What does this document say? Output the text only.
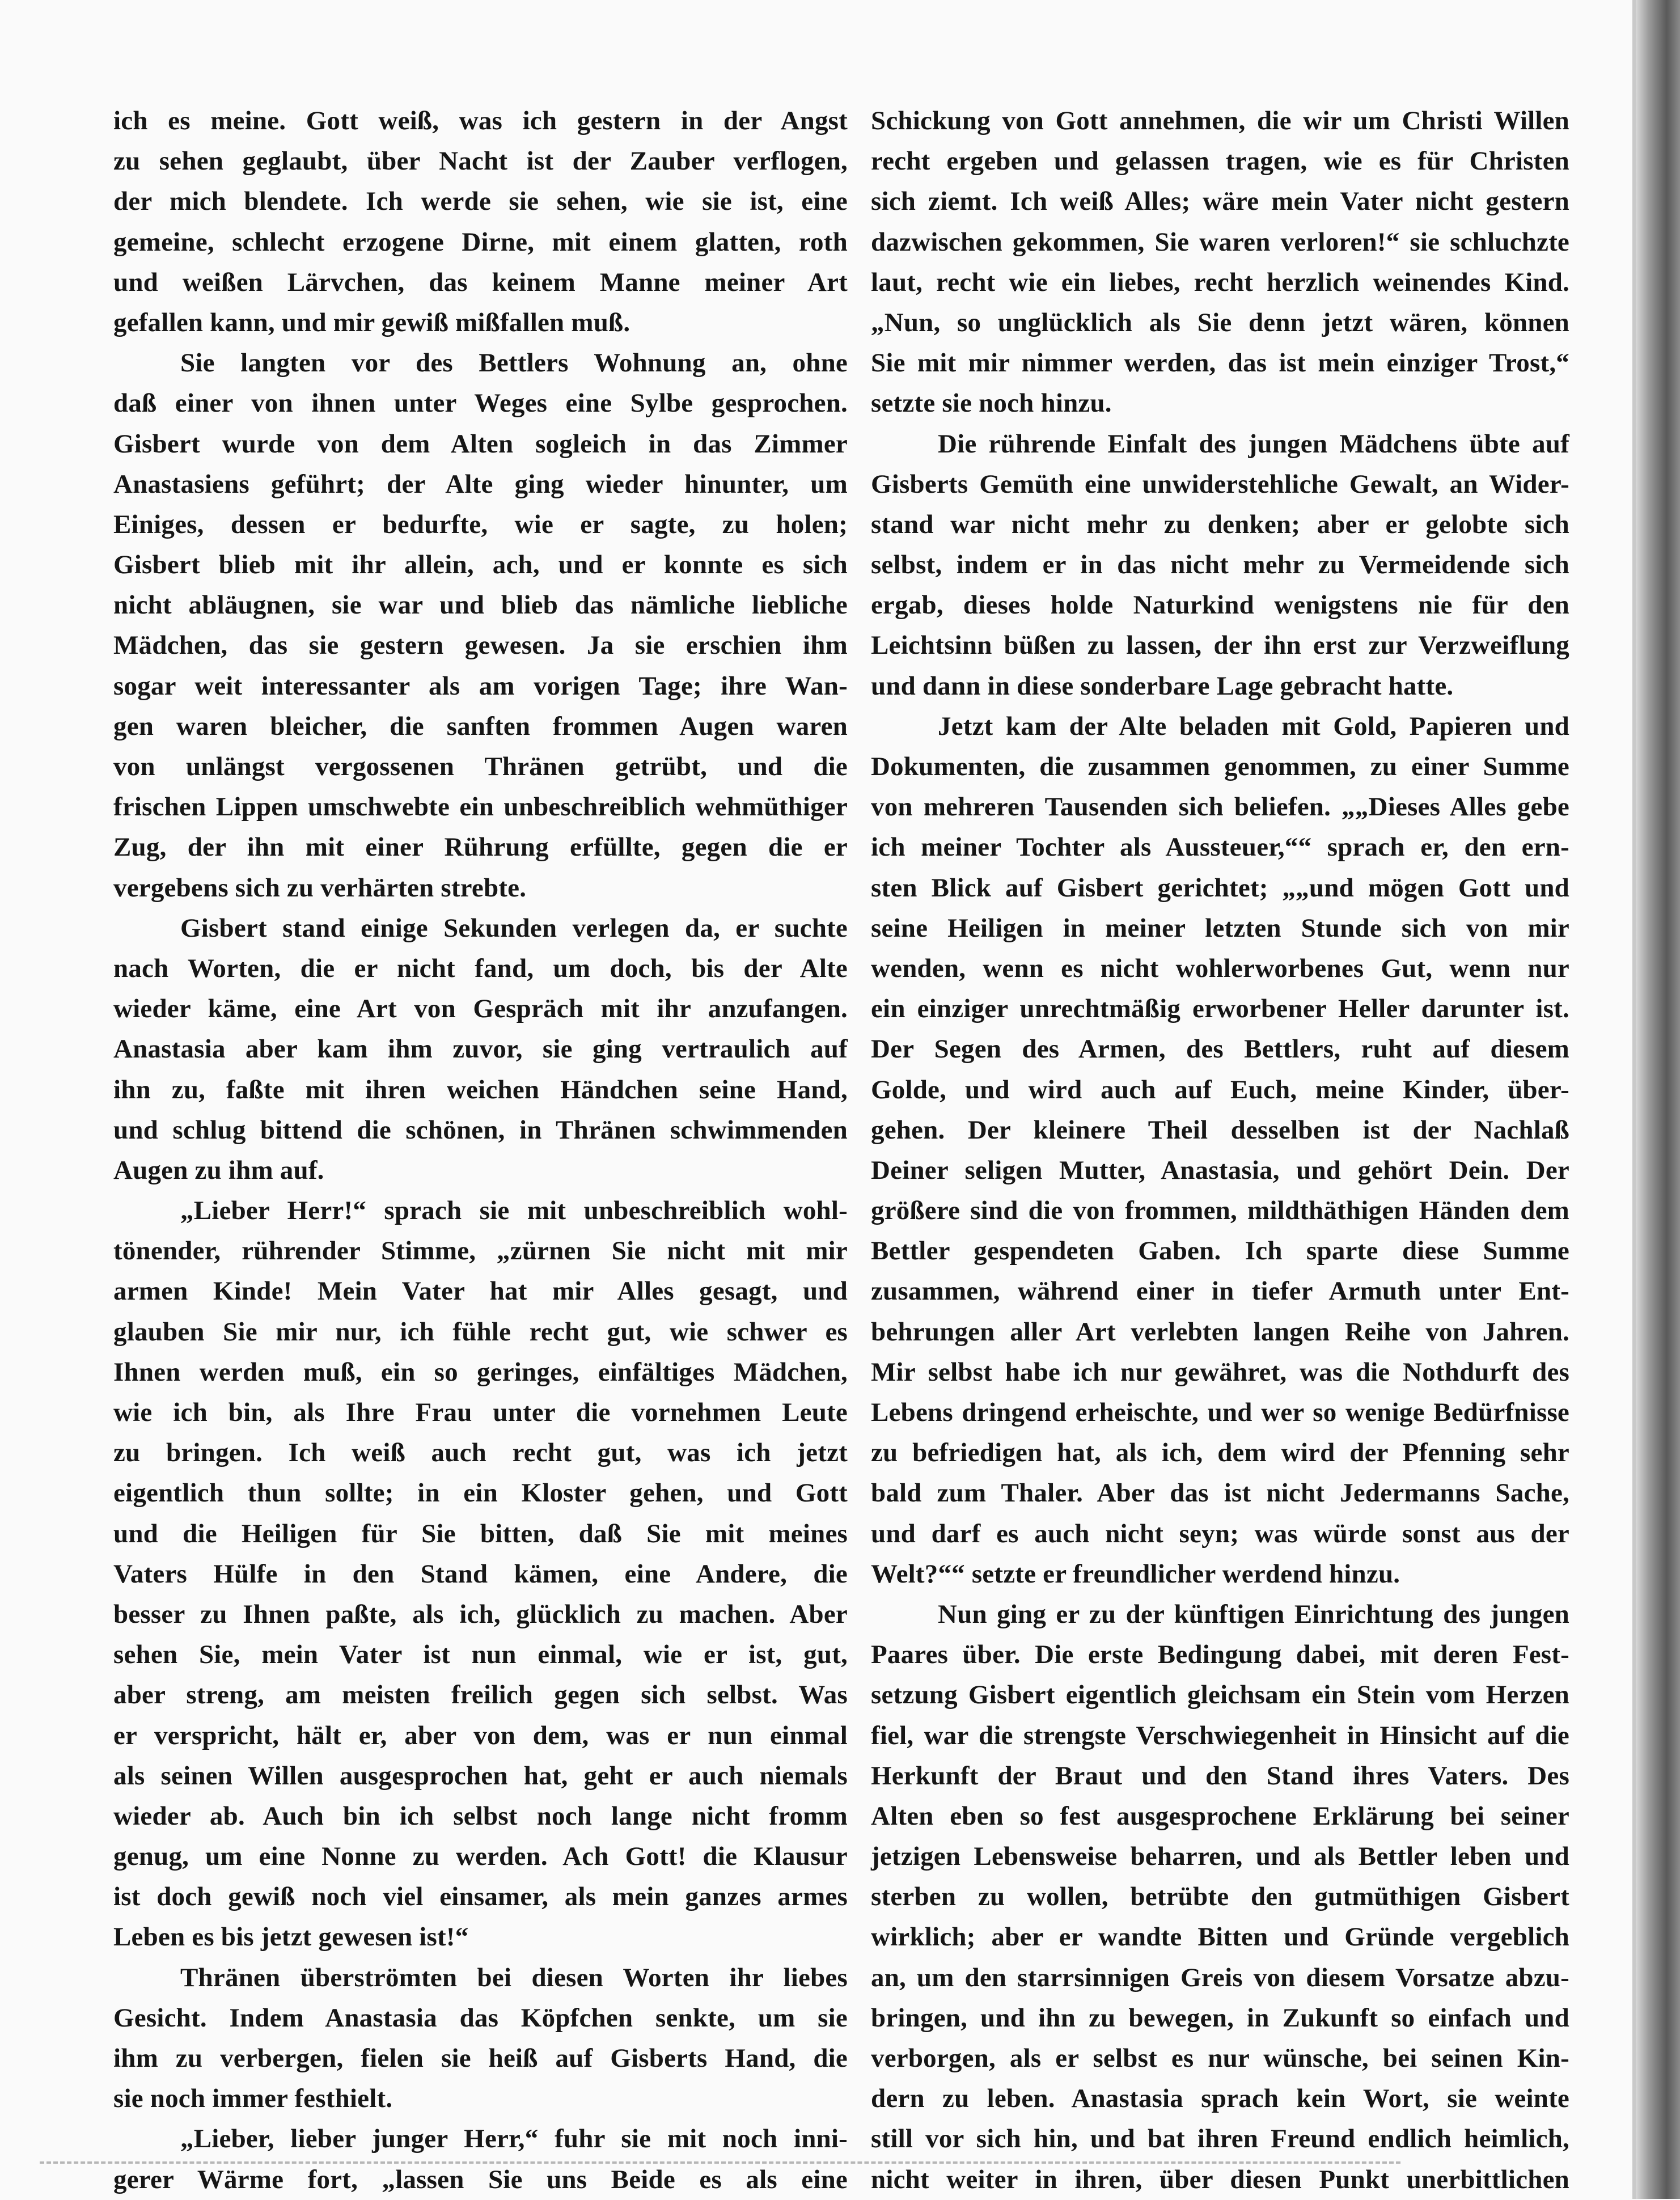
ich es meine. Gott weiß, was ich gestern in der Angst
zu sehen geglaubt, über Nacht ist der Zauber verflogen,
der mich blendete. Ich werde sie sehen, wie sie ist, eine
gemeine, schlecht erzogene Dirne, mit einem glatten, roth
und weißen Lärvchen, das keinem Manne meiner Art
gefallen kann, und mir gewiß mißfallen muß.
Sie langten vor des Bettlers Wohnung an, ohne
daß einer von ihnen unter Weges eine Sylbe gesprochen.
Gisbert wurde von dem Alten sogleich in das Zimmer
Anastasiens geführt; der Alte ging wieder hinunter, um
Einiges, dessen er bedurfte, wie er sagte, zu holen;
Gisbert blieb mit ihr allein, ach, und er konnte es sich
nicht abläugnen, sie war und blieb das nämliche liebliche
Mädchen, das sie gestern gewesen. Ja sie erschien ihm
sogar weit interessanter als am vorigen Tage; ihre Wan-
gen waren bleicher, die sanften frommen Augen waren
von unlängst vergossenen Thränen getrübt, und die
frischen Lippen umschwebte ein unbeschreiblich wehmüthiger
Zug, der ihn mit einer Rührung erfüllte, gegen die er
vergebens sich zu verhärten strebte.
Gisbert stand einige Sekunden verlegen da, er suchte
nach Worten, die er nicht fand, um doch, bis der Alte
wieder käme, eine Art von Gespräch mit ihr anzufangen.
Anastasia aber kam ihm zuvor, sie ging vertraulich auf
ihn zu, faßte mit ihren weichen Händchen seine Hand,
und schlug bittend die schönen, in Thränen schwimmenden
Augen zu ihm auf.
„Lieber Herr!“ sprach sie mit unbeschreiblich wohl-
tönender, rührender Stimme, „zürnen Sie nicht mit mir
armen Kinde! Mein Vater hat mir Alles gesagt, und
glauben Sie mir nur, ich fühle recht gut, wie schwer es
Ihnen werden muß, ein so geringes, einfältiges Mädchen,
wie ich bin, als Ihre Frau unter die vornehmen Leute
zu bringen. Ich weiß auch recht gut, was ich jetzt
eigentlich thun sollte; in ein Kloster gehen, und Gott
und die Heiligen für Sie bitten, daß Sie mit meines
Vaters Hülfe in den Stand kämen, eine Andere, die
besser zu Ihnen paßte, als ich, glücklich zu machen. Aber
sehen Sie, mein Vater ist nun einmal, wie er ist, gut,
aber streng, am meisten freilich gegen sich selbst. Was
er verspricht, hält er, aber von dem, was er nun einmal
als seinen Willen ausgesprochen hat, geht er auch niemals
wieder ab. Auch bin ich selbst noch lange nicht fromm
genug, um eine Nonne zu werden. Ach Gott! die Klausur
ist doch gewiß noch viel einsamer, als mein ganzes armes
Leben es bis jetzt gewesen ist!“
Thränen überströmten bei diesen Worten ihr liebes
Gesicht. Indem Anastasia das Köpfchen senkte, um sie
ihm zu verbergen, fielen sie heiß auf Gisberts Hand, die
sie noch immer festhielt.
„Lieber, lieber junger Herr,“ fuhr sie mit noch inni-
gerer Wärme fort, „lassen Sie uns Beide es als eine
Schickung von Gott annehmen, die wir um Christi Willen
recht ergeben und gelassen tragen, wie es für Christen
sich ziemt. Ich weiß Alles; wäre mein Vater nicht gestern
dazwischen gekommen, Sie waren verloren!“ sie schluchzte
laut, recht wie ein liebes, recht herzlich weinendes Kind.
„Nun, so unglücklich als Sie denn jetzt wären, können
Sie mit mir nimmer werden, das ist mein einziger Trost,“
setzte sie noch hinzu.
Die rührende Einfalt des jungen Mädchens übte auf
Gisberts Gemüth eine unwiderstehliche Gewalt, an Wider-
stand war nicht mehr zu denken; aber er gelobte sich
selbst, indem er in das nicht mehr zu Vermeidende sich
ergab, dieses holde Naturkind wenigstens nie für den
Leichtsinn büßen zu lassen, der ihn erst zur Verzweiflung
und dann in diese sonderbare Lage gebracht hatte.
Jetzt kam der Alte beladen mit Gold, Papieren und
Dokumenten, die zusammen genommen, zu einer Summe
von mehreren Tausenden sich beliefen. „„Dieses Alles gebe
ich meiner Tochter als Aussteuer,““ sprach er, den ern-
sten Blick auf Gisbert gerichtet; „„und mögen Gott und
seine Heiligen in meiner letzten Stunde sich von mir
wenden, wenn es nicht wohlerworbenes Gut, wenn nur
ein einziger unrechtmäßig erworbener Heller darunter ist.
Der Segen des Armen, des Bettlers, ruht auf diesem
Golde, und wird auch auf Euch, meine Kinder, über-
gehen. Der kleinere Theil desselben ist der Nachlaß
Deiner seligen Mutter, Anastasia, und gehört Dein. Der
größere sind die von frommen, mildthäthigen Händen dem
Bettler gespendeten Gaben. Ich sparte diese Summe
zusammen, während einer in tiefer Armuth unter Ent-
behrungen aller Art verlebten langen Reihe von Jahren.
Mir selbst habe ich nur gewähret, was die Nothdurft des
Lebens dringend erheischte, und wer so wenige Bedürfnisse
zu befriedigen hat, als ich, dem wird der Pfenning sehr
bald zum Thaler. Aber das ist nicht Jedermanns Sache,
und darf es auch nicht seyn; was würde sonst aus der
Welt?““ setzte er freundlicher werdend hinzu.
Nun ging er zu der künftigen Einrichtung des jungen
Paares über. Die erste Bedingung dabei, mit deren Fest-
setzung Gisbert eigentlich gleichsam ein Stein vom Herzen
fiel, war die strengste Verschwiegenheit in Hinsicht auf die
Herkunft der Braut und den Stand ihres Vaters. Des
Alten eben so fest ausgesprochene Erklärung bei seiner
jetzigen Lebensweise beharren, und als Bettler leben und
sterben zu wollen, betrübte den gutmüthigen Gisbert
wirklich; aber er wandte Bitten und Gründe vergeblich
an, um den starrsinnigen Greis von diesem Vorsatze abzu-
bringen, und ihn zu bewegen, in Zukunft so einfach und
verborgen, als er selbst es nur wünsche, bei seinen Kin-
dern zu leben. Anastasia sprach kein Wort, sie weinte
still vor sich hin, und bat ihren Freund endlich heimlich,
nicht weiter in ihren, über diesen Punkt unerbittlichen
